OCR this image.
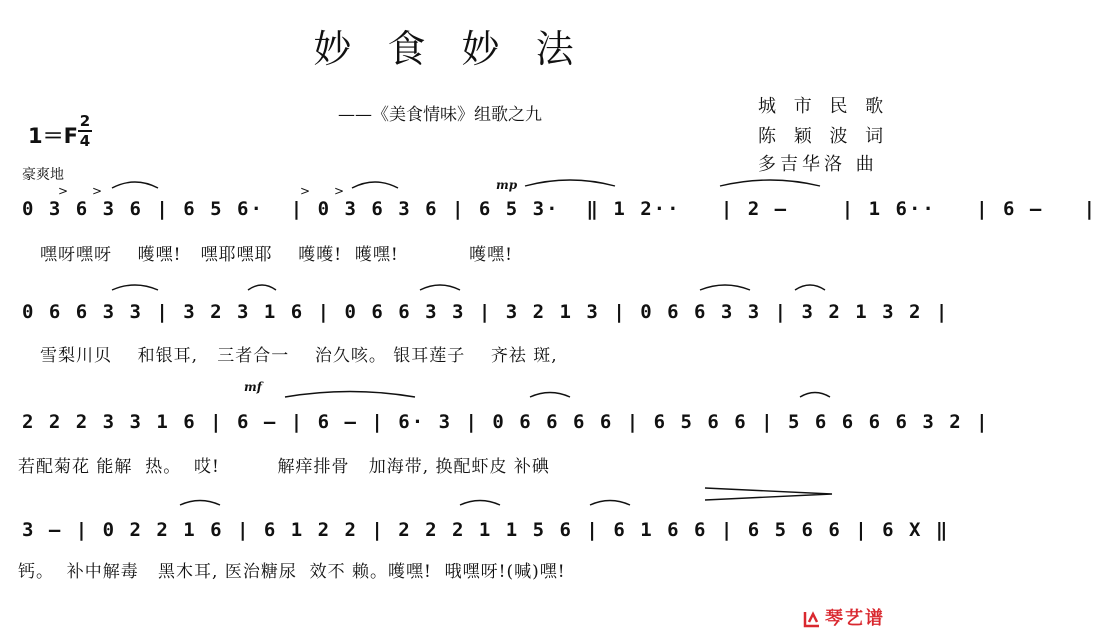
妙 食 妙 法
——《美食情味》组歌之九	城 市 民 歌
陈 颖 波 词
多吉华洛 曲
1＝F
2
4
豪爽地
> >	> >	mp
mf
0 3 6 3 6 | 6 5 6·  | 0 3 6 3 6 | 6 5 3·  ‖ 1 2··   | 2 –    | 1 6··   | 6 –   |
嘿呀嘿呀    嚄嘿!   嘿耶嘿耶    嚄嚄!  嚄嘿!           嚄嘿!
0 6 6 3 3 | 3 2 3 1 6 | 0 6 6 3 3 | 3 2 1 3 | 0 6 6 3 3 | 3 2 1 3 2 |
雪梨川贝    和银耳,   三者合一    治久咳。 银耳莲子    齐祛 斑,
2 2 2 3 3 1 6 | 6 – | 6 – | 6· 3 | 0 6 6 6 6 | 6 5 6 6 | 5 6 6 6 6 3 2 |
若配菊花 能解  热。  哎!         解痒排骨   加海带, 换配虾皮 补碘
3 – | 0 2 2 1 6 | 6 1 2 2 | 2 2 2 1 1 5 6 | 6 1 6 6 | 6 5 6 6 | 6 X ‖
钙。  补中解毒   黑木耳, 医治糖尿  效不 赖。嚄嘿!  哦嘿呀!(喊)嘿!
琴艺谱
